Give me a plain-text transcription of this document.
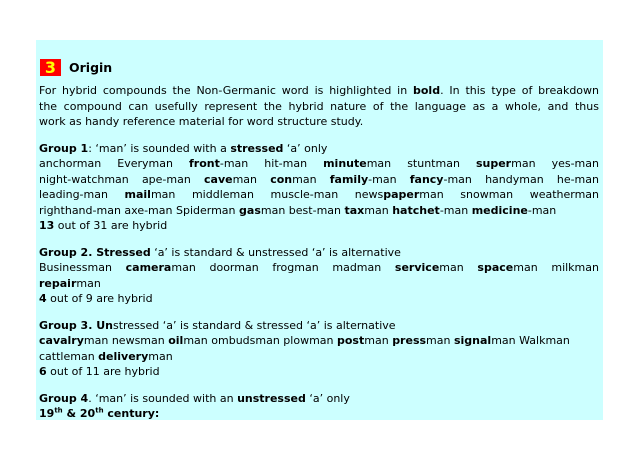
3	Origin
For hybrid compounds the Non-Germanic word is highlighted in bold. In this type of breakdown
the compound can usefully represent the hybrid nature of the language as a whole, and thus
work as handy reference material for word structure study.
Group 1: ‘man’ is sounded with a stressed ‘a’ only
anchorman Everyman front-man hit-man minuteman stuntman superman yes-man
night-watchman ape-man caveman conman family-man fancy-man handyman he-man
leading-man mailman middleman muscle-man newspaperman snowman weatherman
righthand-man axe-man Spiderman gasman best-man taxman hatchet-man medicine-man
13 out of 31 are hybrid
Group 2. Stressed ‘a’ is standard & unstressed ‘a’ is alternative
Businessman cameraman doorman frogman madman serviceman spaceman milkman
repairman
4 out of 9 are hybrid
Group 3. Unstressed ‘a’ is standard & stressed ‘a’ is alternative
cavalryman newsman oilman ombudsman plowman postman pressman signalman Walkman
cattleman deliveryman
6 out of 11 are hybrid
Group 4. ‘man’ is sounded with an unstressed ‘a’ only
19th & 20th century:
